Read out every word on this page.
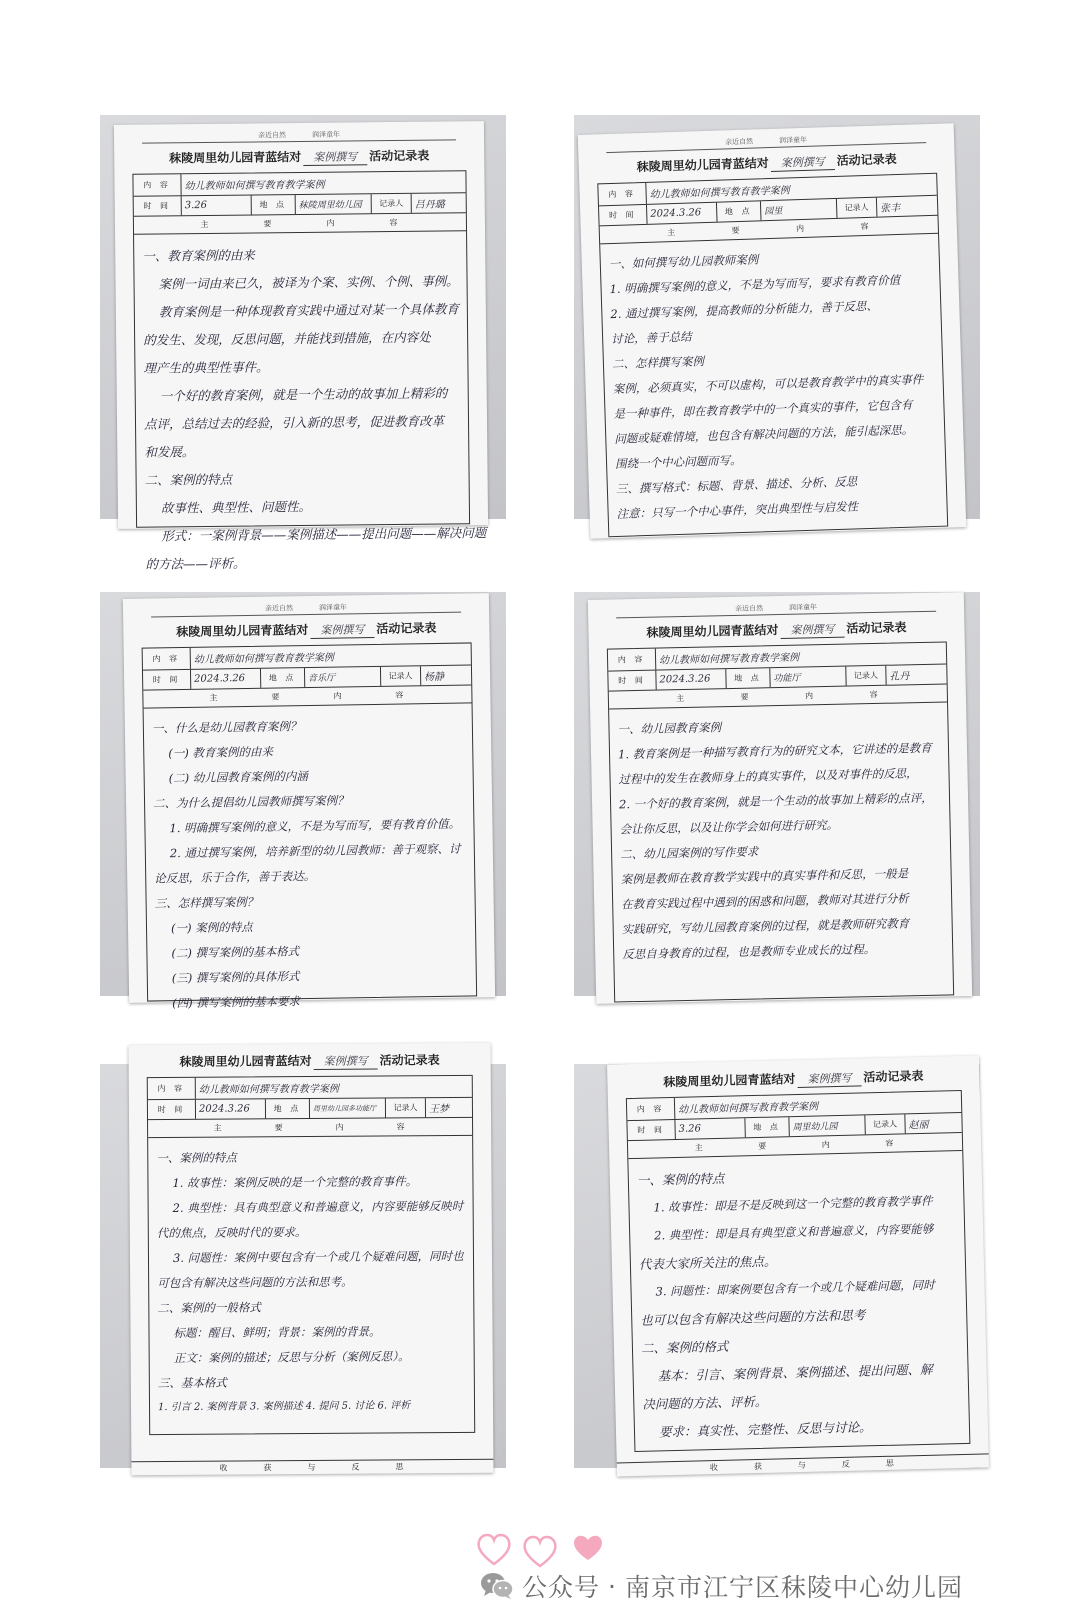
亲近自然	润泽童年
秣陵周里幼儿园青蓝结对 案例撰写 活动记录表
内 容	幼儿教师如何撰写教育教学案例
时 间	3.26	地 点	秣陵周里幼儿园	记录人	吕丹璐
主	要	内	容
一、教育案例的由来
案例一词由来已久，被译为个案、实例、个例、事例。
教育案例是一种体现教育实践中通过对某一个具体教育
的发生、发现，反思问题，并能找到措施，在内容处
理产生的典型性事件。
一个好的教育案例，就是一个生动的故事加上精彩的
点评，总结过去的经验，引入新的思考，促进教育改革
和发展。
二、案例的特点
故事性、典型性、问题性。
形式：一案例背景——案例描述——提出问题——解决问题
的方法——评析。
亲近自然	润泽童年
秣陵周里幼儿园青蓝结对 案例撰写 活动记录表
内 容	幼儿教师如何撰写教育教学案例
时 间	2024.3.26	地 点	园里	记录人	张丰
主	要	内	容
一、如何撰写幼儿园教师案例
1. 明确撰写案例的意义，不是为写而写，要求有教育价值
2. 通过撰写案例，提高教师的分析能力，善于反思、
讨论，善于总结
二、怎样撰写案例
案例，必须真实，不可以虚构，可以是教育教学中的真实事件
是一种事件，即在教育教学中的一个真实的事件，它包含有
问题或疑难情境，也包含有解决问题的方法，能引起深思。
围绕一个中心问题而写。
三、撰写格式：标题、背景、描述、分析、反思
注意：只写一个中心事件，突出典型性与启发性
亲近自然	润泽童年
秣陵周里幼儿园青蓝结对 案例撰写 活动记录表
内 容	幼儿教师如何撰写教育教学案例
时 间	2024.3.26	地 点	音乐厅	记录人	杨静
主	要	内	容
一、什么是幼儿园教育案例？
(一) 教育案例的由来
(二) 幼儿园教育案例的内涵
二、为什么提倡幼儿园教师撰写案例？
1. 明确撰写案例的意义，不是为写而写，要有教育价值。
2. 通过撰写案例，培养新型的幼儿园教师：善于观察、讨
论反思，乐于合作，善于表达。
三、怎样撰写案例？
(一) 案例的特点
(二) 撰写案例的基本格式
(三) 撰写案例的具体形式
(四) 撰写案例的基本要求
亲近自然	润泽童年
秣陵周里幼儿园青蓝结对 案例撰写 活动记录表
内 容	幼儿教师如何撰写教育教学案例
时 间	2024.3.26	地 点	功能厅	记录人	孔丹
主	要	内	容
一、幼儿园教育案例
1. 教育案例是一种描写教育行为的研究文本，它讲述的是教育
过程中的发生在教师身上的真实事件，以及对事件的反思，
2. 一个好的教育案例，就是一个生动的故事加上精彩的点评，
会让你反思，以及让你学会如何进行研究。
二、幼儿园案例的写作要求
案例是教师在教育教学实践中的真实事件和反思，一般是
在教育实践过程中遇到的困惑和问题，教师对其进行分析
实践研究，写幼儿园教育案例的过程，就是教师研究教育
反思自身教育的过程，也是教师专业成长的过程。
秣陵周里幼儿园青蓝结对 案例撰写 活动记录表
内 容	幼儿教师如何撰写教育教学案例
时 间	2024.3.26	地 点	周里幼儿园多功能厅	记录人	王梦
主	要	内	容
一、案例的特点
1. 故事性：案例反映的是一个完整的教育事件。
2. 典型性：具有典型意义和普遍意义，内容要能够反映时
代的焦点，反映时代的要求。
3. 问题性：案例中要包含有一个或几个疑难问题，同时也
可包含有解决这些问题的方法和思考。
二、案例的一般格式
标题：醒目、鲜明；背景：案例的背景。
正文：案例的描述；反思与分析（案例反思）。
三、基本格式
1. 引言 2. 案例背景 3. 案例描述 4. 提问 5. 讨论 6. 评析
收	获	与	反	思
秣陵周里幼儿园青蓝结对 案例撰写 活动记录表
内 容	幼儿教师如何撰写教育教学案例
时 间	3.26	地 点	周里幼儿园	记录人	赵丽
主	要	内	容
一、案例的特点
1. 故事性：即是不是反映到这一个完整的教育教学事件
2. 典型性：即是具有典型意义和普遍意义，内容要能够
代表大家所关注的焦点。
3. 问题性：即案例要包含有一个或几个疑难问题，同时
也可以包含有解决这些问题的方法和思考
二、案例的格式
基本：引言、案例背景、案例描述、提出问题、解
决问题的方法、评析。
要求：真实性、完整性、反思与讨论。
收	获	与	反	思
公众号 · 南京市江宁区秣陵中心幼儿园
